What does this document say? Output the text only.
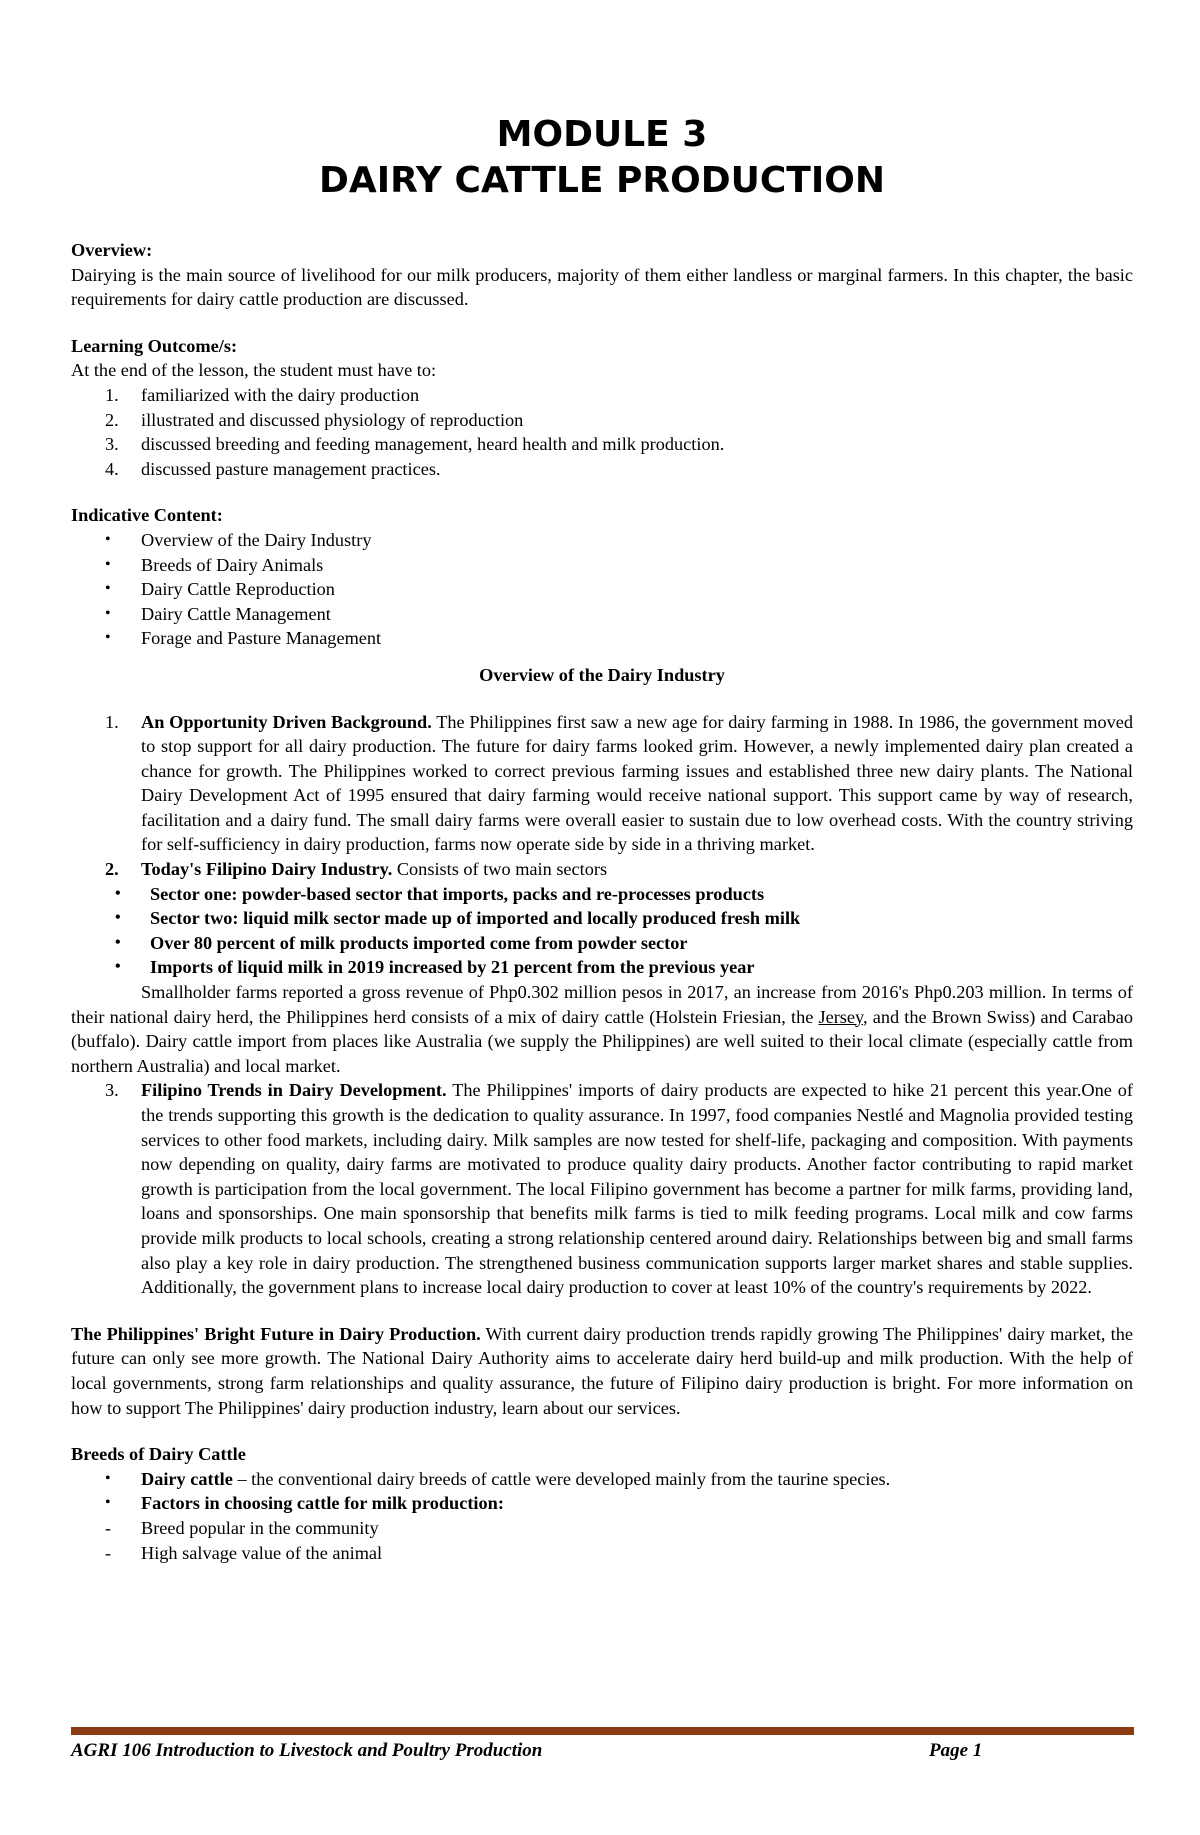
MODULE 3
DAIRY CATTLE PRODUCTION

Overview:

Dairying is the main source of livelihood for our milk producers, majority of them either landless or marginal farmers. In this chapter, the basic requirements for dairy cattle production are discussed.

Learning Outcome/s:

At the end of the lesson, the student must have to:

1. familiarized with the dairy production
2. illustrated and discussed physiology of reproduction
3. discussed breeding and feeding management, heard health and milk production.
4. discussed pasture management practices.

Indicative Content:

• Overview of the Dairy Industry
• Breeds of Dairy Animals
• Dairy Cattle Reproduction
• Dairy Cattle Management
• Forage and Pasture Management

Overview of the Dairy Industry

1. An Opportunity Driven Background. The Philippines first saw a new age for dairy farming in 1988. In 1986, the government moved to stop support for all dairy production. The future for dairy farms looked grim. However, a newly implemented dairy plan created a chance for growth. The Philippines worked to correct previous farming issues and established three new dairy plants. The National Dairy Development Act of 1995 ensured that dairy farming would receive national support. This support came by way of research, facilitation and a dairy fund. The small dairy farms were overall easier to sustain due to low overhead costs. With the country striving for self-sufficiency in dairy production, farms now operate side by side in a thriving market.
2. Today's Filipino Dairy Industry. Consists of two main sectors
• Sector one: powder-based sector that imports, packs and re-processes products
• Sector two: liquid milk sector made up of imported and locally produced fresh milk
• Over 80 percent of milk products imported come from powder sector
• Imports of liquid milk in 2019 increased by 21 percent from the previous year

Smallholder farms reported a gross revenue of Php0.302 million pesos in 2017, an increase from 2016's Php0.203 million. In terms of their national dairy herd, the Philippines herd consists of a mix of dairy cattle (Holstein Friesian, the Jersey, and the Brown Swiss) and Carabao (buffalo). Dairy cattle import from places like Australia (we supply the Philippines) are well suited to their local climate (especially cattle from northern Australia) and local market.

3. Filipino Trends in Dairy Development. The Philippines' imports of dairy products are expected to hike 21 percent this year.One of the trends supporting this growth is the dedication to quality assurance. In 1997, food companies Nestlé and Magnolia provided testing services to other food markets, including dairy. Milk samples are now tested for shelf-life, packaging and composition. With payments now depending on quality, dairy farms are motivated to produce quality dairy products. Another factor contributing to rapid market growth is participation from the local government. The local Filipino government has become a partner for milk farms, providing land, loans and sponsorships. One main sponsorship that benefits milk farms is tied to milk feeding programs. Local milk and cow farms provide milk products to local schools, creating a strong relationship centered around dairy. Relationships between big and small farms also play a key role in dairy production. The strengthened business communication supports larger market shares and stable supplies. Additionally, the government plans to increase local dairy production to cover at least 10% of the country's requirements by 2022.

The Philippines' Bright Future in Dairy Production. With current dairy production trends rapidly growing The Philippines' dairy market, the future can only see more growth. The National Dairy Authority aims to accelerate dairy herd build-up and milk production. With the help of local governments, strong farm relationships and quality assurance, the future of Filipino dairy production is bright. For more information on how to support The Philippines' dairy production industry, learn about our services.

Breeds of Dairy Cattle

• Dairy cattle – the conventional dairy breeds of cattle were developed mainly from the taurine species.
• Factors in choosing cattle for milk production:
- Breed popular in the community
- High salvage value of the animal
AGRI 106 Introduction to Livestock and Poultry Production	Page 1
